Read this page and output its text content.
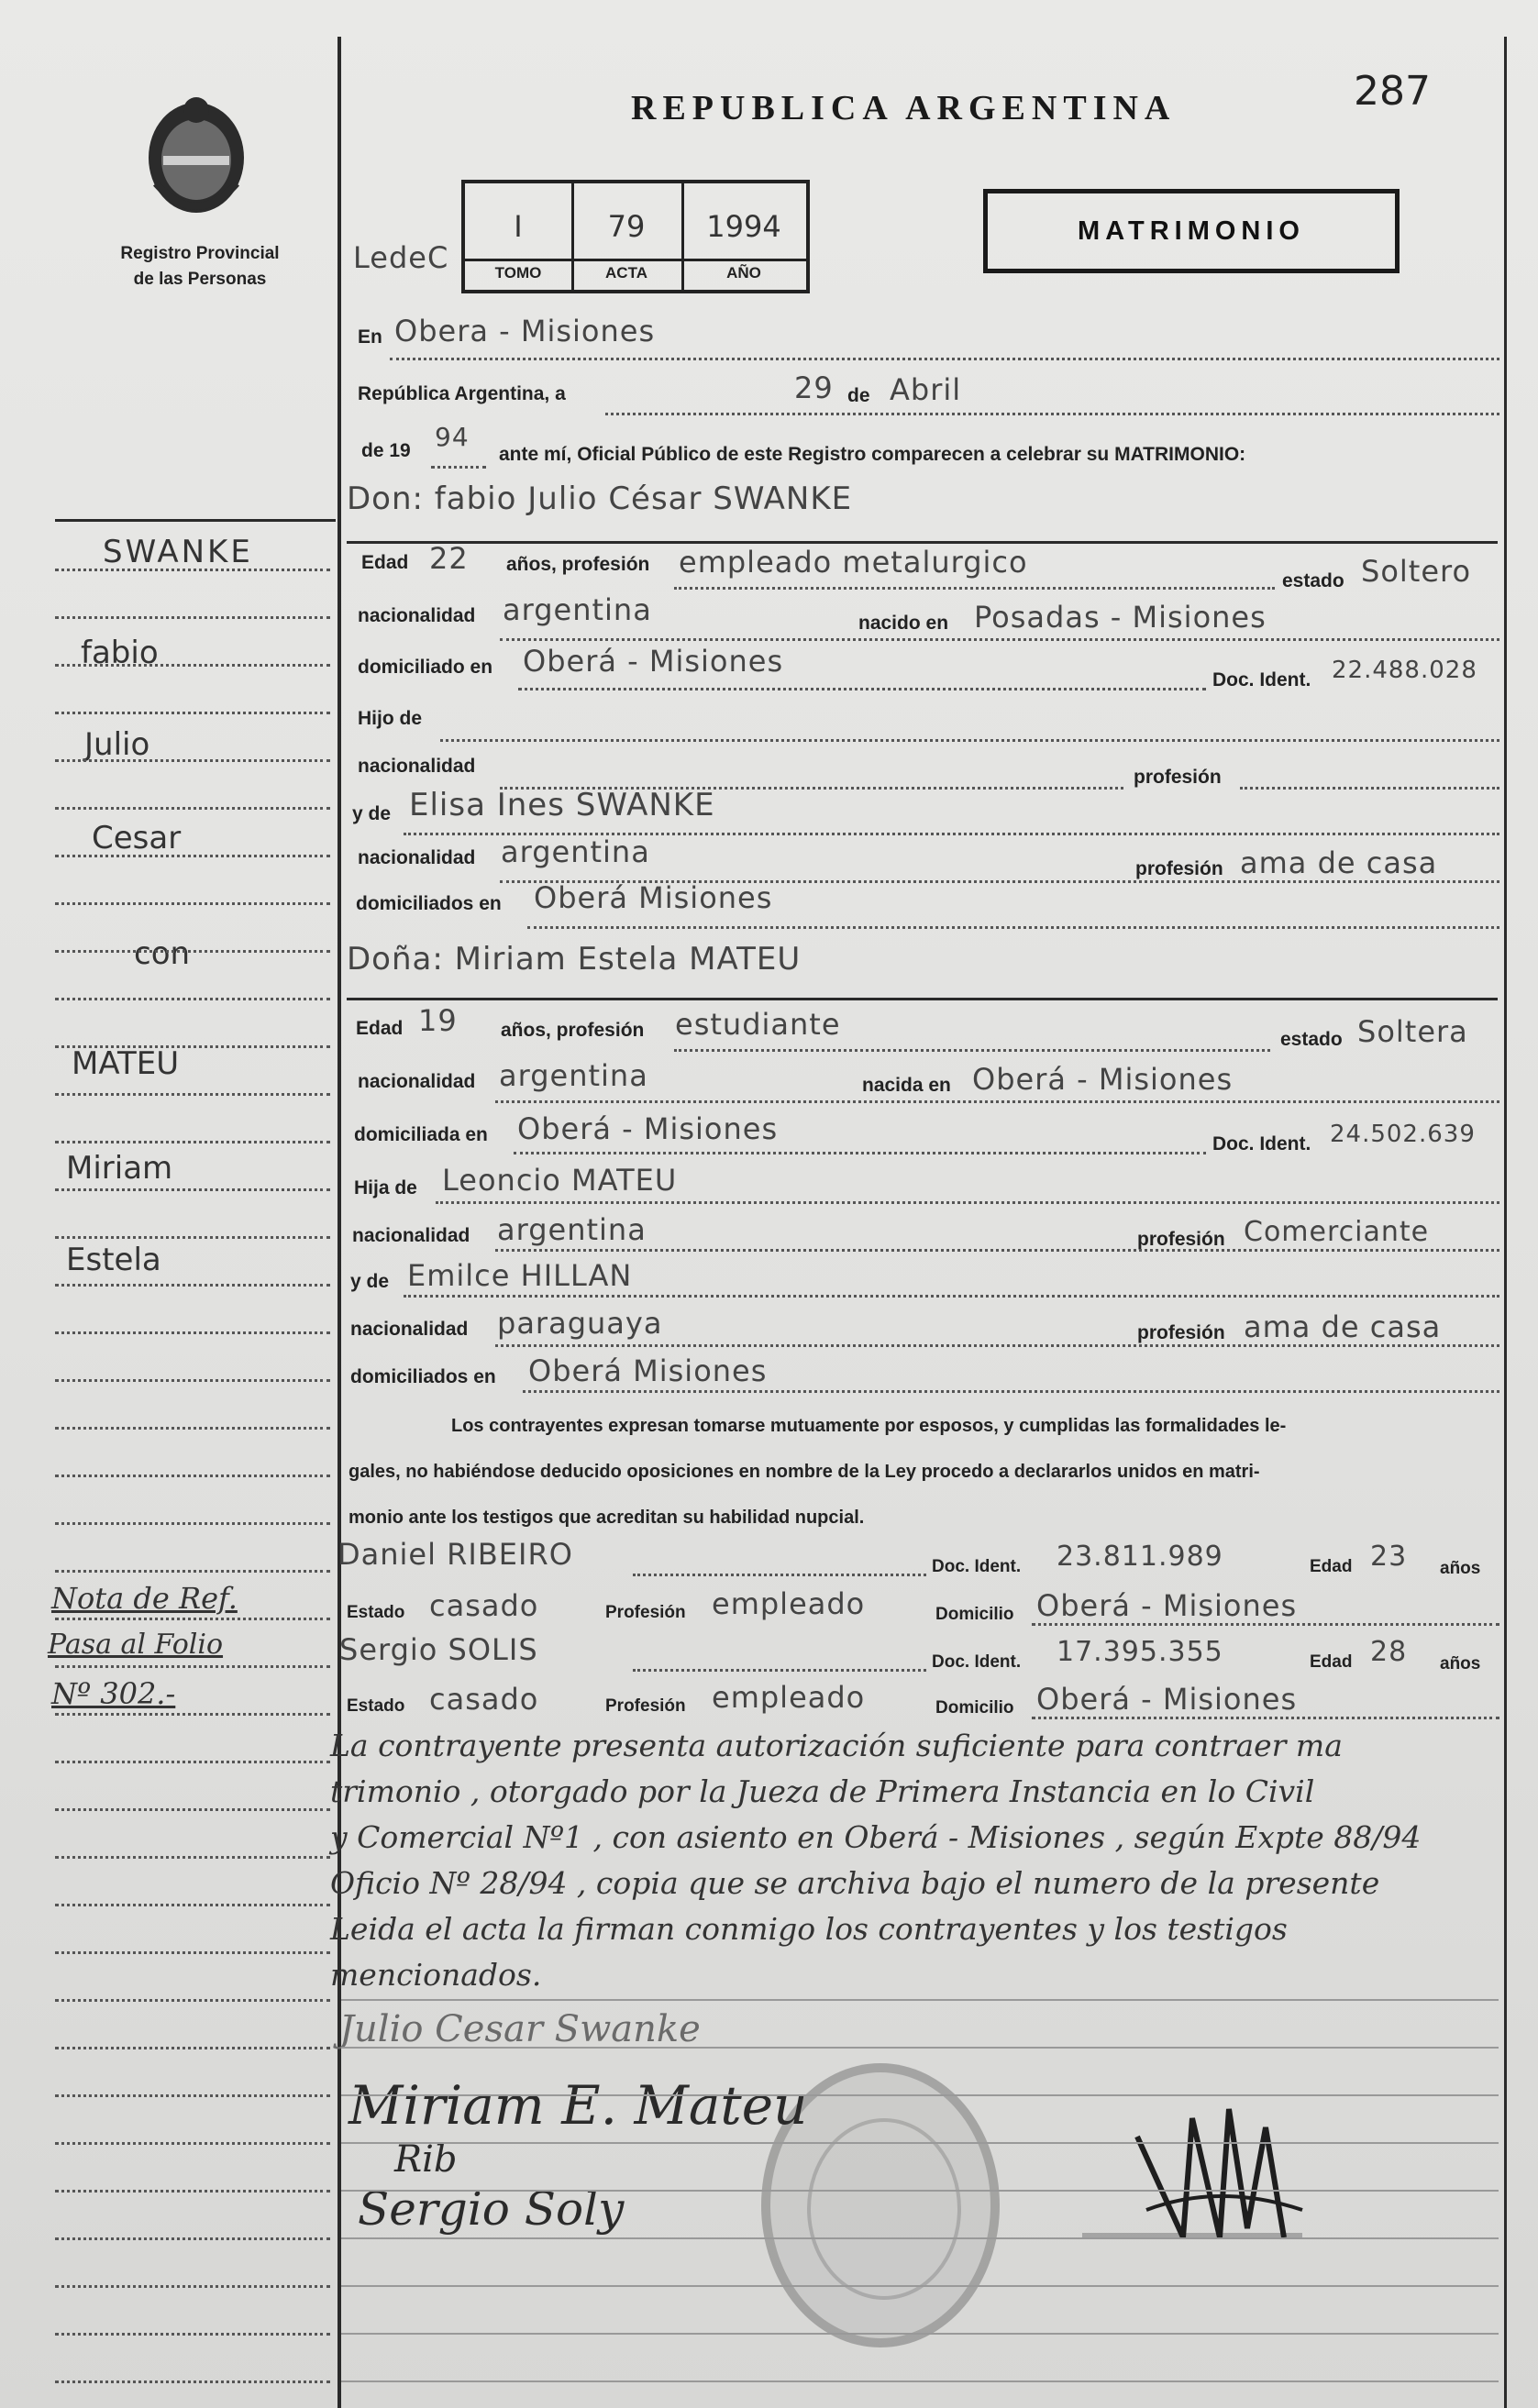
Registro Provincial
de las Personas
REPUBLICA ARGENTINA	287
LedeC
I
TOMO
79
ACTA
1994
AÑO
MATRIMONIO
En Obera - Misiones
República Argentina, a	29 de Abril
de 19 94
ante mí, Oficial Público de este Registro comparecen a celebrar su MATRIMONIO:
Don: fabio Julio César SWANKE
Edad 22 años, profesión empleado metalurgico
estado Soltero
nacionalidad argentina	nacido en Posadas - Misiones
domiciliado en Oberá - Misiones
Doc. Ident. 22.488.028
Hijo de
nacionalidad
profesión
y de Elisa Ines SWANKE
nacionalidad argentina	profesión ama de casa
domiciliados en Oberá Misiones
Doña: Miriam Estela MATEU
Edad 19 años, profesión estudiante	estado Soltera
nacionalidad argentina	nacida en Oberá - Misiones
domiciliada en Oberá - Misiones	Doc. Ident. 24.502.639
Hija de Leoncio MATEU
nacionalidad argentina	profesión Comerciante
y de Emilce HILLAN
nacionalidad paraguaya	profesión ama de casa
domiciliados en Oberá Misiones
Los contrayentes expresan tomarse mutuamente por esposos, y cumplidas las formalidades le-
gales, no habiéndose deducido oposiciones en nombre de la Ley procedo a declararlos unidos en matri-
monio ante los testigos que acreditan su habilidad nupcial.
Daniel RIBEIRO	Doc. Ident. 23.811.989	Edad 23 años
Estado casado	Profesión empleado	Domicilio Oberá - Misiones
Sergio SOLIS	Doc. Ident. 17.395.355	Edad 28 años
Estado casado	Profesión empleado	Domicilio Oberá - Misiones
La contrayente presenta autorización suficiente para contraer ma
trimonio , otorgado por la Jueza de Primera Instancia en lo Civil
y Comercial Nº1 , con asiento en Oberá - Misiones , según Expte 88/94
Oficio Nº 28/94 , copia que se archiva bajo el numero de la presente
Leida el acta la firman conmigo los contrayentes y los testigos
mencionados.
Julio Cesar Swanke
Miriam E. Mateu
Rib
Sergio Soly
SWANKE
fabio
Julio
Cesar
con
MATEU
Miriam
Estela
Nota de Ref.
Pasa al Folio
Nº 302.-
